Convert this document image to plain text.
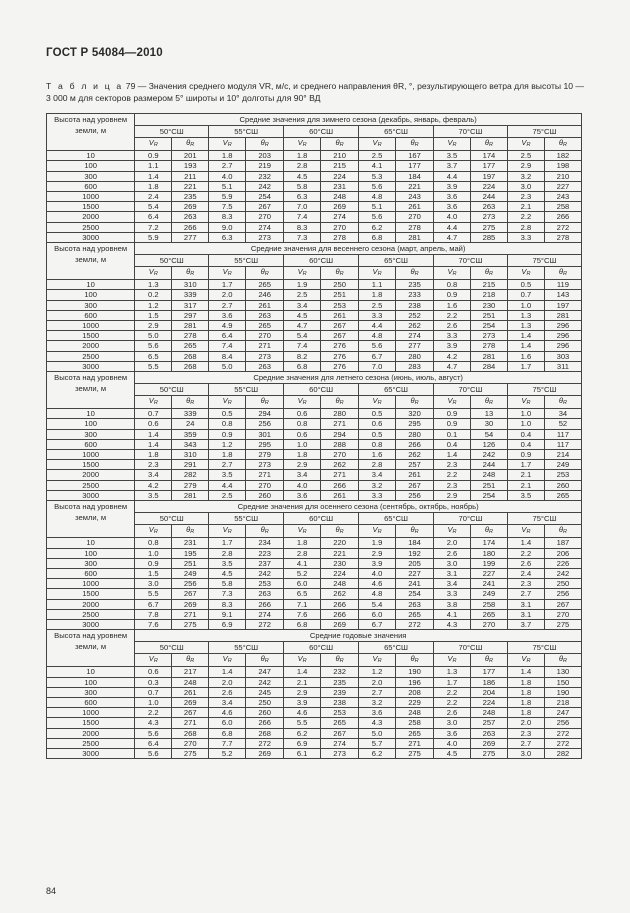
ГОСТ Р 54084—2010
Т а б л и ц а 79 — Значения среднего модуля VR, м/с, и среднего направления θR, °, результирующего ветра для высоты 10 — 3 000 м для секторов размером 5° широты и 10° долготы для 90° ВД
Высота над уровнем земли, м	Средние значения для зимнего сезона (декабрь, январь, февраль)											
	50°СШ		55°СШ		60°СШ		65°СШ		70°СШ		75°СШ	
	$V_R$	$\theta_R$	$V_R$	$\theta_R$	$V_R$	$\theta_R$	$V_R$	$\theta_R$	$V_R$	$\theta_R$	$V_R$	$\theta_R$
10	0.9	201	1.8	203	1.8	210	2.5	167	3.5	174	2.5	182
100	1.1	193	2.7	219	2.8	215	4.1	177	3.7	177	2.9	198
300	1.4	211	4.0	232	4.5	224	5.3	184	4.4	197	3.2	210
600	1.8	221	5.1	242	5.8	231	5.6	221	3.9	224	3.0	227
1000	2.4	235	5.9	254	6.3	248	4.8	243	3.6	244	2.3	243
1500	5.4	269	7.5	267	7.0	269	5.1	261	3.6	263	2.1	258
2000	6.4	263	8.3	270	7.4	274	5.6	270	4.0	273	2.2	266
2500	7.2	266	9.0	274	8.3	270	6.2	278	4.4	275	2.8	272
3000	5.9	277	6.3	273	7.3	278	6.8	281	4.7	285	3.3	278
Высота над уровнем земли, м	Средние значения для весеннего сезона (март, апрель, май)											
	50°СШ		55°СШ		60°СШ		65°СШ		70°СШ		75°СШ	
	$V_R$	$\theta_R$	$V_R$	$\theta_R$	$V_R$	$\theta_R$	$V_R$	$\theta_R$	$V_R$	$\theta_R$	$V_R$	$\theta_R$
10	1.3	310	1.7	265	1.9	250	1.1	235	0.8	215	0.5	119
100	0.2	339	2.0	246	2.5	251	1.8	233	0.9	218	0.7	143
300	1.2	317	2.7	261	3.4	253	2.5	238	1.6	230	1.0	197
600	1.5	297	3.6	263	4.5	261	3.3	252	2.2	251	1.3	281
1000	2.9	281	4.9	265	4.7	267	4.4	262	2.6	254	1.3	296
1500	5.0	278	6.4	270	5.4	267	4.8	274	3.3	273	1.4	296
2000	5.6	265	7.4	271	7.4	276	5.6	277	3.9	278	1.4	296
2500	6.5	268	8.4	273	8.2	276	6.7	280	4.2	281	1.6	303
3000	5.5	268	5.0	263	6.8	276	7.0	283	4.7	284	1.7	311
Высота над уровнем земли, м	Средние значения для летнего сезона (июнь, июль, август)											
	50°СШ		55°СШ		60°СШ		65°СШ		70°СШ		75°СШ	
	$V_R$	$\theta_R$	$V_R$	$\theta_R$	$V_R$	$\theta_R$	$V_R$	$\theta_R$	$V_R$	$\theta_R$	$V_R$	$\theta_R$
10	0.7	339	0.5	294	0.6	280	0.5	320	0.9	13	1.0	34
100	0.6	24	0.8	256	0.8	271	0.6	295	0.9	30	1.0	52
300	1.4	359	0.9	301	0.6	294	0.5	280	0.1	54	0.4	117
600	1.4	343	1.2	295	1.0	288	0.8	266	0.4	126	0.4	117
1000	1.8	310	1.8	279	1.8	270	1.6	262	1.4	242	0.9	214
1500	2.3	291	2.7	273	2.9	262	2.8	257	2.3	244	1.7	249
2000	3.4	282	3.5	271	3.4	271	3.4	261	2.2	248	2.1	253
2500	4.2	279	4.4	270	4.0	266	3.2	267	2.3	251	2.1	260
3000	3.5	281	2.5	260	3.6	261	3.3	256	2.9	254	3.5	265
Высота над уровнем земли, м	Средние значения для осеннего сезона (сентябрь, октябрь, ноябрь)											
	50°СШ		55°СШ		60°СШ		65°СШ		70°СШ		75°СШ	
	$V_R$	$\theta_R$	$V_R$	$\theta_R$	$V_R$	$\theta_R$	$V_R$	$\theta_R$	$V_R$	$\theta_R$	$V_R$	$\theta_R$
10	0.8	231	1.7	234	1.8	220	1.9	184	2.0	174	1.4	187
100	1.0	195	2.8	223	2.8	221	2.9	192	2.6	180	2.2	206
300	0.9	251	3.5	237	4.1	230	3.9	205	3.0	199	2.6	226
600	1.5	249	4.5	242	5.2	224	4.0	227	3.1	227	2.4	242
1000	3.0	256	5.8	253	6.0	248	4.6	241	3.4	241	2.3	250
1500	5.5	267	7.3	263	6.5	262	4.8	254	3.3	249	2.7	256
2000	6.7	269	8.3	266	7.1	266	5.4	263	3.8	258	3.1	267
2500	7.8	271	9.1	274	7.6	266	6.0	265	4.1	265	3.1	270
3000	7.6	275	6.9	272	6.8	269	6.7	272	4.3	270	3.7	275
Высота над уровнем земли, м	Средние годовые значения											
	50°СШ		55°СШ		60°СШ		65°СШ		70°СШ		75°СШ	
	$V_R$	$\theta_R$	$V_R$	$\theta_R$	$V_R$	$\theta_R$	$V_R$	$\theta_R$	$V_R$	$\theta_R$	$V_R$	$\theta_R$
10	0.6	217	1.4	247	1.4	232	1.2	190	1.3	177	1.4	130
100	0.3	248	2.0	242	2.1	235	2.0	196	1.7	186	1.8	150
300	0.7	261	2.6	245	2.9	239	2.7	208	2.2	204	1.8	190
600	1.0	269	3.4	250	3.9	238	3.2	229	2.2	224	1.8	218
1000	2.2	267	4.6	260	4.6	253	3.6	248	2.6	248	1.8	247
1500	4.3	271	6.0	266	5.5	265	4.3	258	3.0	257	2.0	256
2000	5.6	268	6.8	268	6.2	267	5.0	265	3.6	263	2.3	272
2500	6.4	270	7.7	272	6.9	274	5.7	271	4.0	269	2.7	272
3000	5.6	275	5.2	269	6.1	273	6.2	275	4.5	275	3.0	282
84
